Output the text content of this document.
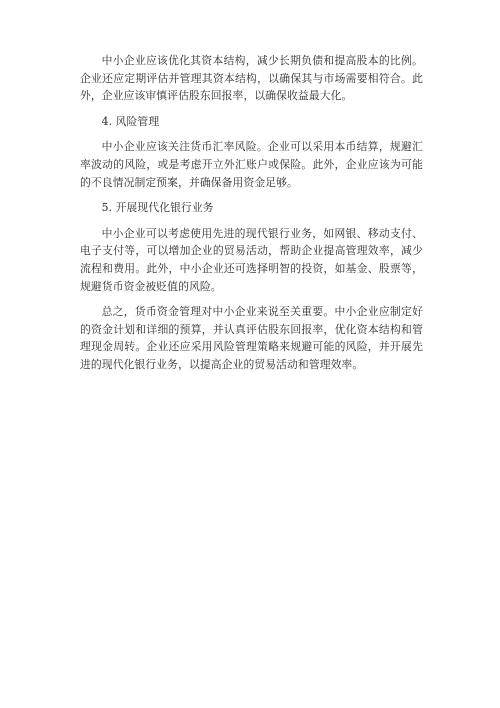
中小企业应该优化其资本结构，减少长期负债和提高股本的比例。企业还应定期评估并管理其资本结构，以确保其与市场需要相符合。此外，企业应该审慎评估股东回报率，以确保收益最大化。

4. 风险管理

中小企业应该关注货币汇率风险。企业可以采用本币结算，规避汇率波动的风险，或是考虑开立外汇账户或保险。此外，企业应该为可能的不良情况制定预案，并确保备用资金足够。

5. 开展现代化银行业务

中小企业可以考虑使用先进的现代银行业务，如网银、移动支付、电子支付等，可以增加企业的贸易活动，帮助企业提高管理效率，减少流程和费用。此外，中小企业还可选择明智的投资，如基金、股票等，规避货币资金被贬值的风险。

总之，货币资金管理对中小企业来说至关重要。中小企业应制定好的资金计划和详细的预算，并认真评估股东回报率，优化资本结构和管理现金周转。企业还应采用风险管理策略来规避可能的风险，并开展先进的现代化银行业务，以提高企业的贸易活动和管理效率。
